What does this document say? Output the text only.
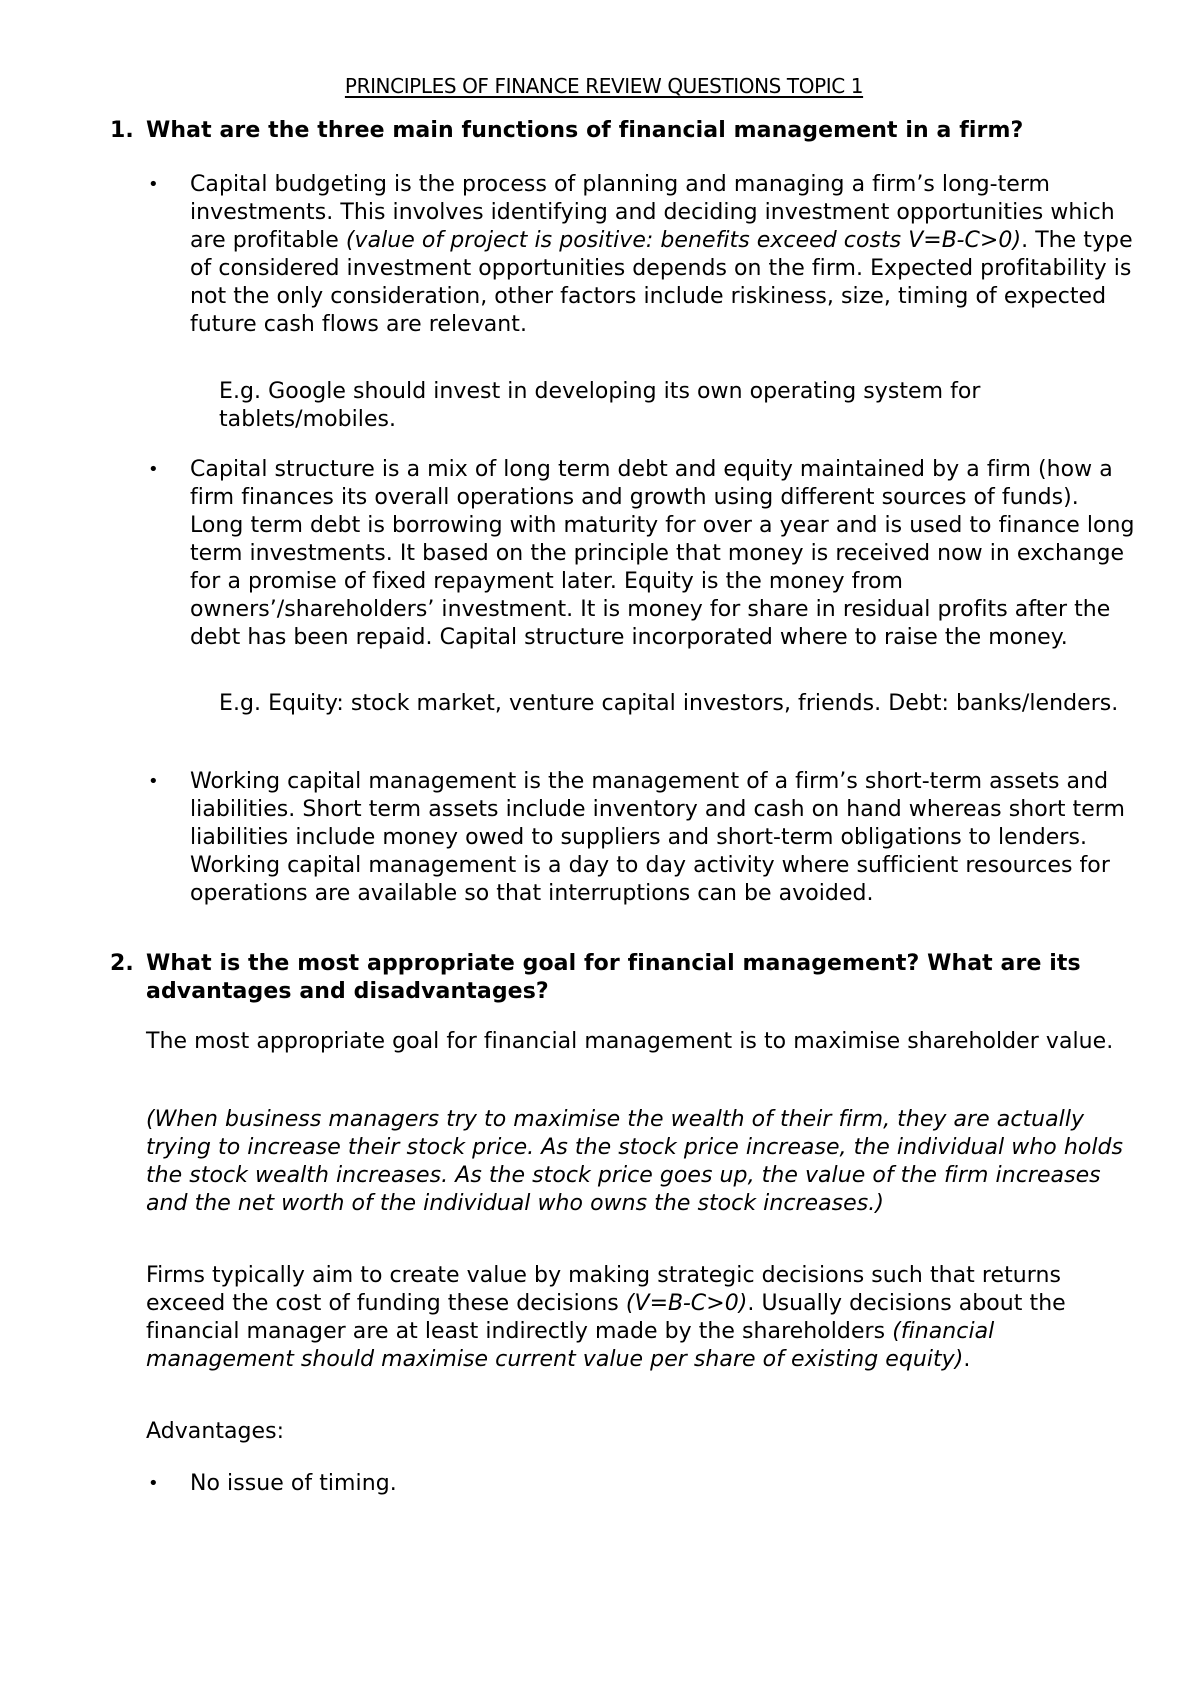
PRINCIPLES OF FINANCE REVIEW QUESTIONS TOPIC 1
1. What are the three main functions of financial management in a firm?
• Capital budgeting is the process of planning and managing a firm’s long-term investments. This involves identifying and deciding investment opportunities which are profitable (value of project is positive: benefits exceed costs V=B-C>0). The type of considered investment opportunities depends on the firm. Expected profitability is not the only consideration, other factors include riskiness, size, timing of expected future cash flows are relevant.
E.g. Google should invest in developing its own operating system for tablets/mobiles.
• Capital structure is a mix of long term debt and equity maintained by a firm (how a firm finances its overall operations and growth using different sources of funds). Long term debt is borrowing with maturity for over a year and is used to finance long term investments. It based on the principle that money is received now in exchange for a promise of fixed repayment later. Equity is the money from owners’/shareholders’ investment. It is money for share in residual profits after the debt has been repaid. Capital structure incorporated where to raise the money.
E.g. Equity: stock market, venture capital investors, friends. Debt: banks/lenders.
• Working capital management is the management of a firm’s short-term assets and liabilities. Short term assets include inventory and cash on hand whereas short term liabilities include money owed to suppliers and short-term obligations to lenders. Working capital management is a day to day activity where sufficient resources for operations are available so that interruptions can be avoided.
2. What is the most appropriate goal for financial management? What are its advantages and disadvantages?
The most appropriate goal for financial management is to maximise shareholder value.
(When business managers try to maximise the wealth of their firm, they are actually trying to increase their stock price. As the stock price increase, the individual who holds the stock wealth increases. As the stock price goes up, the value of the firm increases and the net worth of the individual who owns the stock increases.)
Firms typically aim to create value by making strategic decisions such that returns exceed the cost of funding these decisions (V=B-C>0). Usually decisions about the financial manager are at least indirectly made by the shareholders (financial management should maximise current value per share of existing equity).
Advantages:
• No issue of timing.
